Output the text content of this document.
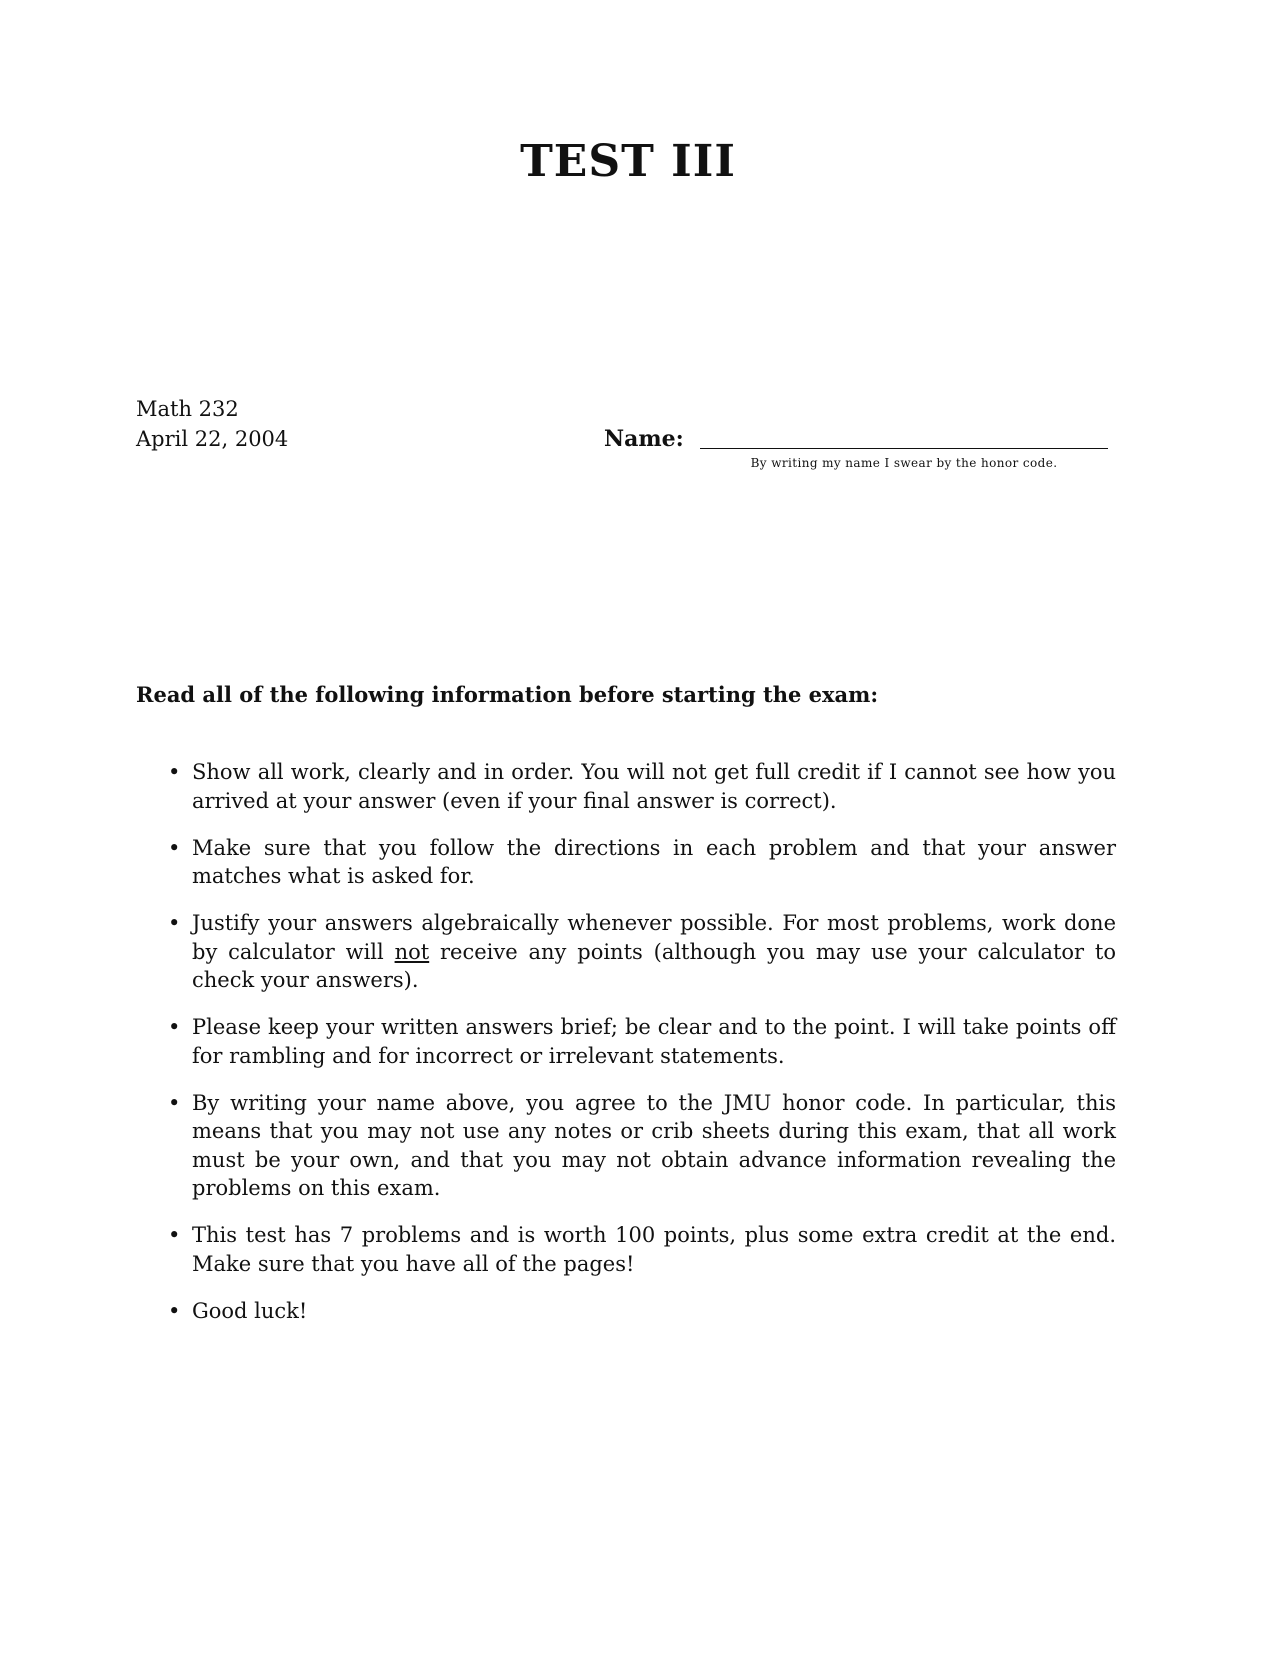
TEST III
Math 232
April 22, 2004	Name:
By writing my name I swear by the honor code.
Read all of the following information before starting the exam:
• Show all work, clearly and in order. You will not get full credit if I cannot see how you arrived at your answer (even if your final answer is correct).
• Make sure that you follow the directions in each problem and that your answer matches what is asked for.
• Justify your answers algebraically whenever possible. For most problems, work done by calculator will not receive any points (although you may use your calculator to check your answers).
• Please keep your written answers brief; be clear and to the point. I will take points off for rambling and for incorrect or irrelevant statements.
• By writing your name above, you agree to the JMU honor code. In particular, this means that you may not use any notes or crib sheets during this exam, that all work must be your own, and that you may not obtain advance information revealing the problems on this exam.
• This test has 7 problems and is worth 100 points, plus some extra credit at the end. Make sure that you have all of the pages!
• Good luck!
